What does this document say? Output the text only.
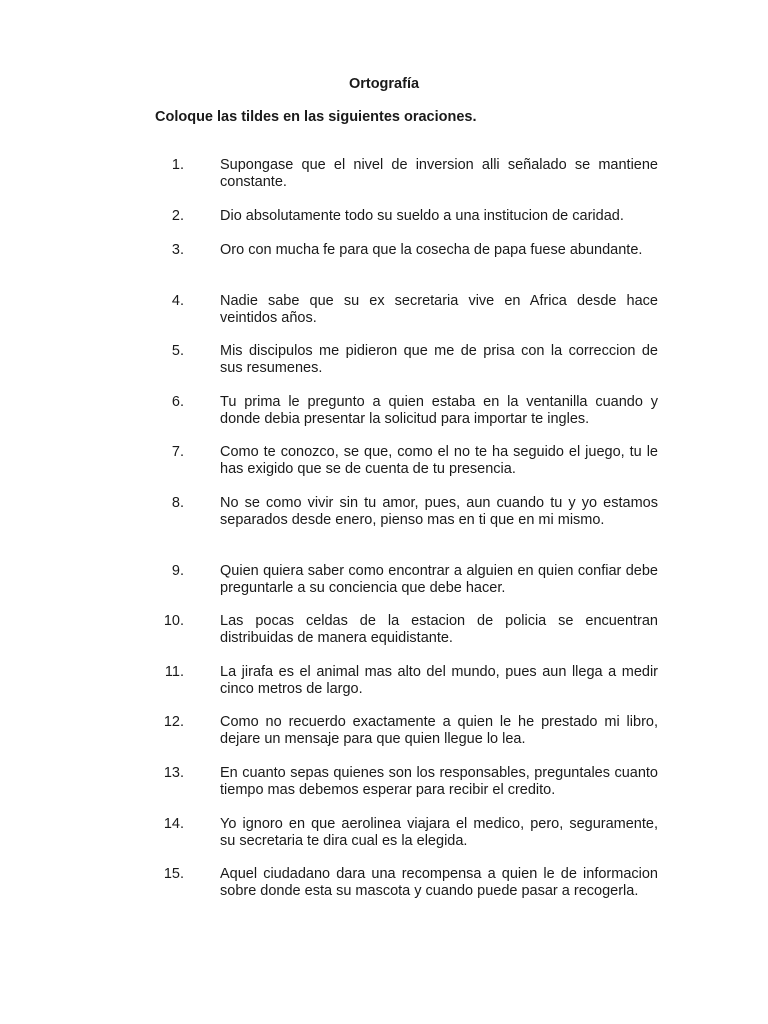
Ortografía

Coloque las tildes en las siguientes oraciones.

1. Supongase que el nivel de inversion alli señalado se mantiene constante.

2. Dio absolutamente todo su sueldo a una institucion de caridad.

3. Oro con mucha fe para que la cosecha de papa fuese abundante.

4. Nadie sabe que su ex secretaria vive en Africa desde hace veintidos años.

5. Mis discipulos me pidieron que me de prisa con la correccion de sus resumenes.

6. Tu prima le pregunto a quien estaba en la ventanilla cuando y donde debia presentar la solicitud para importar te ingles.

7. Como te conozco, se que, como el no te ha seguido el juego, tu le has exigido que se de cuenta de tu presencia.

8. No se como vivir sin tu amor, pues, aun cuando tu y yo estamos separados desde enero, pienso mas en ti que en mi mismo.

9. Quien quiera saber como encontrar a alguien en quien confiar debe preguntarle a su conciencia que debe hacer.

10. Las pocas celdas de la estacion de policia se encuentran distribuidas de manera equidistante.

11. La jirafa es el animal mas alto del mundo, pues aun llega a medir cinco metros de largo.

12. Como no recuerdo exactamente a quien le he prestado mi libro, dejare un mensaje para que quien llegue lo lea.

13. En cuanto sepas quienes son los responsables, preguntales cuanto tiempo mas debemos esperar para recibir el credito.

14. Yo ignoro en que aerolinea viajara el medico, pero, seguramente, su secretaria te dira cual es la elegida.

15. Aquel ciudadano dara una recompensa a quien le de informacion sobre donde esta su mascota y cuando puede pasar a recogerla.
